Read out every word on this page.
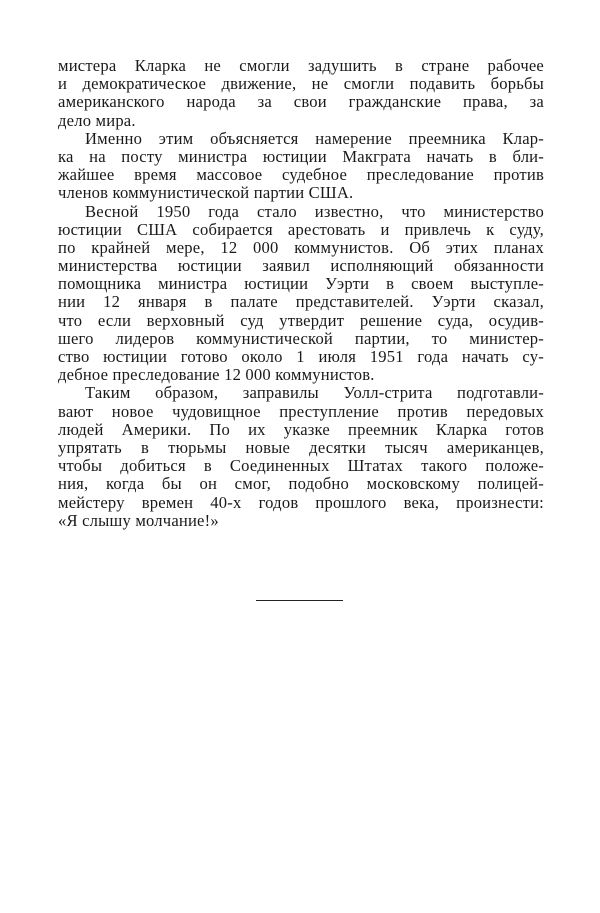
мистера Кларка не смогли задушить в стране рабочее
и демократическое движение, не смогли подавить борьбы
американского народа за свои гражданские права, за
дело мира.
Именно этим объясняется намерение преемника Клар-
ка на посту министра юстиции Макграта начать в бли-
жайшее время массовое судебное преследование против
членов коммунистической партии США.
Весной 1950 года стало известно, что министерство
юстиции США собирается арестовать и привлечь к суду,
по крайней мере, 12 000 коммунистов. Об этих планах
министерства юстиции заявил исполняющий обязанности
помощника министра юстиции Уэрти в своем выступле-
нии 12 января в палате представителей. Уэрти сказал,
что если верховный суд утвердит решение суда, осудив-
шего лидеров коммунистической партии, то министер-
ство юстиции готово около 1 июля 1951 года начать су-
дебное преследование 12 000 коммунистов.
Таким образом, заправилы Уолл-стрита подготавли-
вают новое чудовищное преступление против передовых
людей Америки. По их указке преемник Кларка готов
упрятать в тюрьмы новые десятки тысяч американцев,
чтобы добиться в Соединенных Штатах такого положе-
ния, когда бы он смог, подобно московскому полицей-
мейстеру времен 40-х годов прошлого века, произнести:
«Я слышу молчание!»
